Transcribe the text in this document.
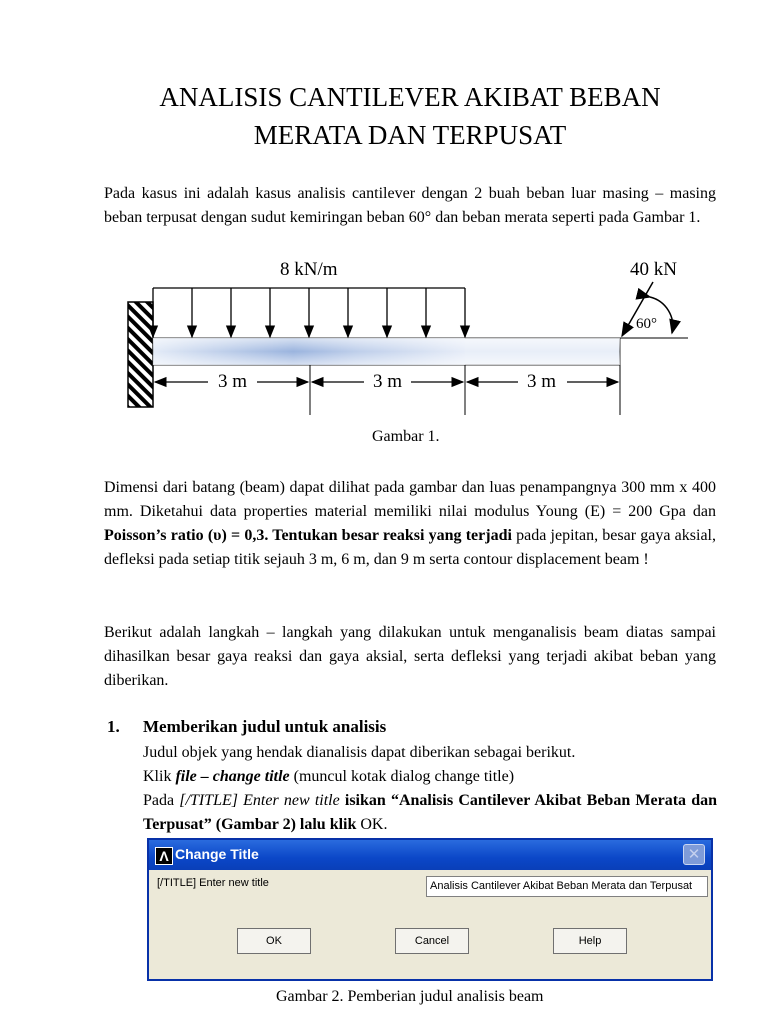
ANALISIS CANTILEVER AKIBAT BEBAN
MERATA DAN TERPUSAT

Pada kasus ini adalah kasus analisis cantilever dengan 2 buah beban luar masing – masing beban terpusat dengan sudut kemiringan beban 60° dan beban merata seperti pada Gambar 1.

8 kN/m	40 kN
60°
3 m	3 m	3 m
Gambar 1.

Dimensi dari batang (beam) dapat dilihat pada gambar dan luas penampangnya 300 mm x 400 mm. Diketahui data properties material memiliki nilai modulus Young (E) = 200 Gpa dan Poisson’s ratio (υ) = 0,3. Tentukan besar reaksi yang terjadi pada jepitan, besar gaya aksial, defleksi pada setiap titik sejauh 3 m, 6 m, dan 9 m serta contour displacement beam !

Berikut adalah langkah – langkah yang dilakukan untuk menganalisis beam diatas sampai dihasilkan besar gaya reaksi dan gaya aksial, serta defleksi yang terjadi akibat beban yang diberikan.

1. Memberikan judul untuk analisis
Judul objek yang hendak dianalisis dapat diberikan sebagai berikut.
Klik file – change title (muncul kotak dialog change title)
Pada [/TITLE] Enter new title isikan “Analisis Cantilever Akibat Beban Merata dan Terpusat” (Gambar 2) lalu klik OK.
Λ Change Title	✕
[/TITLE] Enter new title	Analisis Cantilever Akibat Beban Merata dan Terpusat
OK	Cancel	Help
Gambar 2. Pemberian judul analisis beam
